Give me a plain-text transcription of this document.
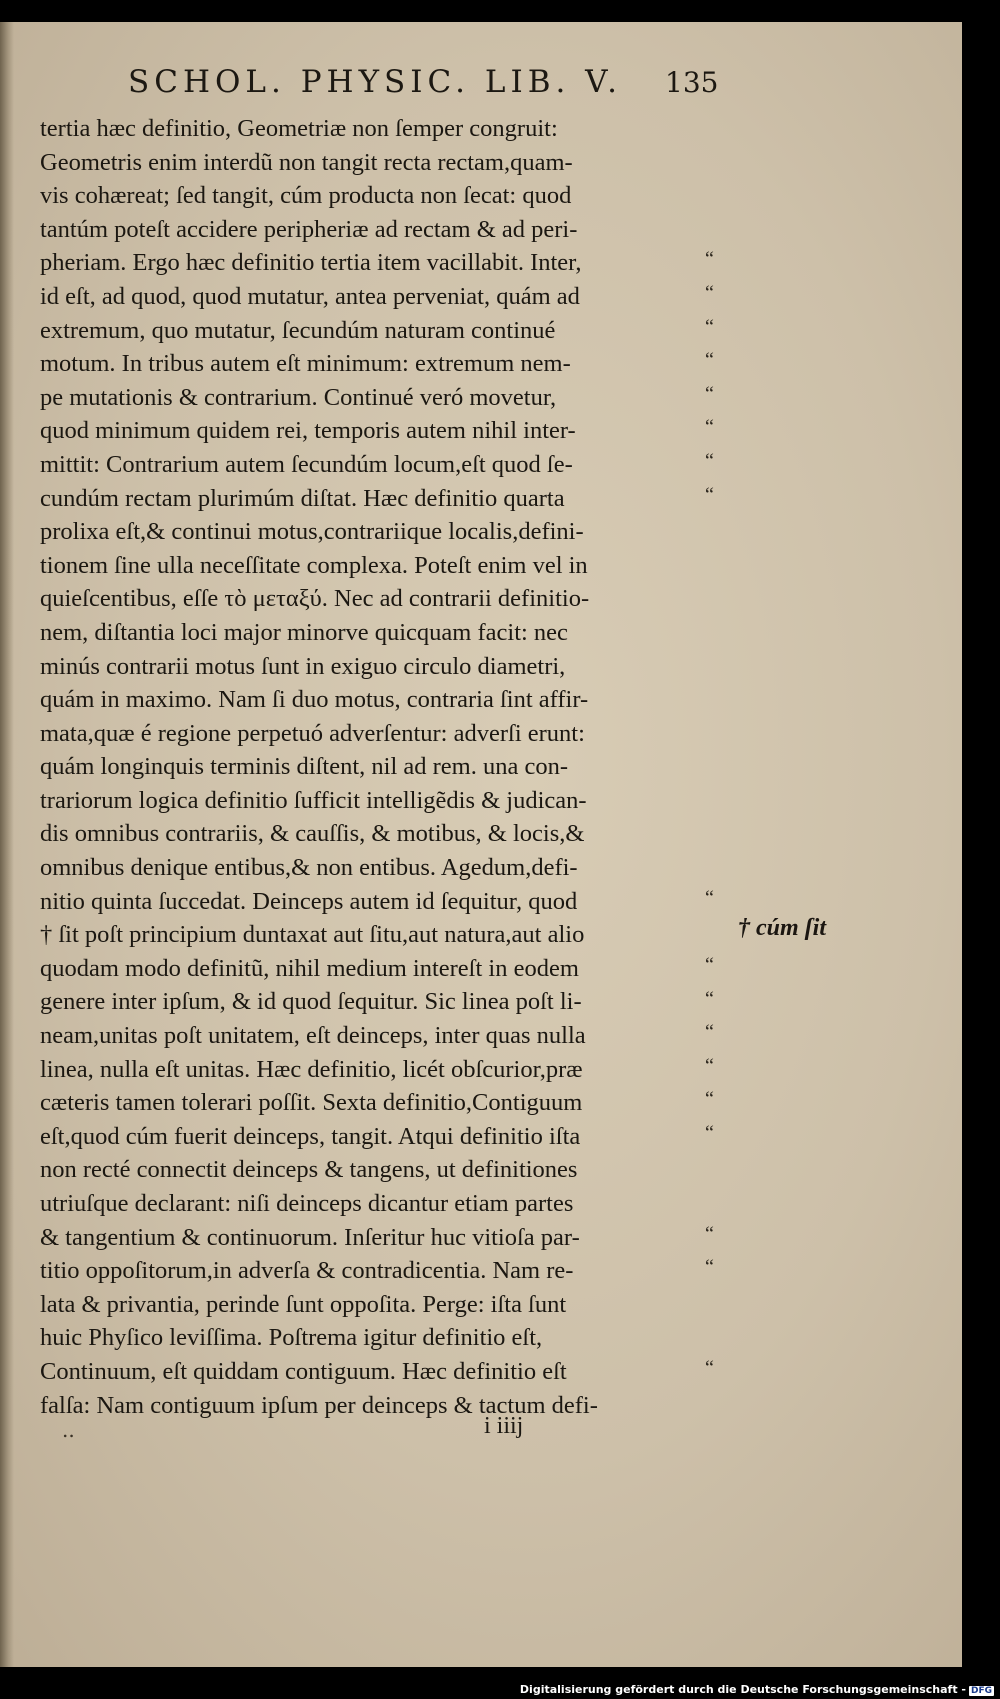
SCHOL. PHYSIC. LIB. V.	135
tertia hæc definitio, Geometriæ non ſemper congruit:
Geometris enim interdũ non tangit recta rectam,quam-
vis cohæreat; ſed tangit, cúm producta non ſecat: quod
tantúm poteſt accidere peripheriæ ad rectam & ad peri-
pheriam. Ergo hæc definitio tertia item vacillabit. Inter,
id eſt, ad quod, quod mutatur, antea perveniat, quám ad
extremum, quo mutatur, ſecundúm naturam continué
motum. In tribus autem eſt minimum: extremum nem-
pe mutationis & contrarium. Continué veró movetur,
quod minimum quidem rei, temporis autem nihil inter-
mittit: Contrarium autem ſecundúm locum,eſt quod ſe-
cundúm rectam plurimúm diſtat. Hæc definitio quarta
prolixa eſt,& continui motus,contrariique localis,defini-
tionem ſine ulla neceſſitate complexa. Poteſt enim vel in
quieſcentibus, eſſe τὸ μεταξύ. Nec ad contrarii definitio-
nem, diſtantia loci major minorve quicquam facit: nec
minús contrarii motus ſunt in exiguo circulo diametri,
quám in maximo. Nam ſi duo motus, contraria ſint affir-
mata,quæ é regione perpetuó adverſentur: adverſi erunt:
quám longinquis terminis diſtent, nil ad rem. una con-
trariorum logica definitio ſufficit intelligẽdis & judican-
dis omnibus contrariis, & cauſſis, & motibus, & locis,&
omnibus denique entibus,& non entibus. Agedum,defi-
nitio quinta ſuccedat. Deinceps autem id ſequitur, quod
† ſit poſt principium duntaxat aut ſitu,aut natura,aut alio
quodam modo definitũ, nihil medium intereſt in eodem
genere inter ipſum, & id quod ſequitur. Sic linea poſt li-
neam,unitas poſt unitatem, eſt deinceps, inter quas nulla
linea, nulla eſt unitas. Hæc definitio, licét obſcurior,præ
cæteris tamen tolerari poſſit. Sexta definitio,Contiguum
eſt,quod cúm fuerit deinceps, tangit. Atqui definitio iſta
non recté connectit deinceps & tangens, ut definitiones
utriuſque declarant: niſi deinceps dicantur etiam partes
& tangentium & continuorum. Inſeritur huc vitioſa par-
titio oppoſitorum,in adverſa & contradicentia. Nam re-
lata & privantia, perinde ſunt oppoſita. Perge: iſta ſunt
huic Phyſico leviſſima. Poſtrema igitur definitio eſt,
Continuum, eſt quiddam contiguum. Hæc definitio eſt
falſa: Nam contiguum ipſum per deinceps & tactum defi-
“
“
“
“
“
“
“
“
“
“
“
“
“
“
“
“
“
“
† cúm ſit
..	i iiij
Digitalisierung gefördert durch die Deutsche Forschungsgemeinschaft - DFG
